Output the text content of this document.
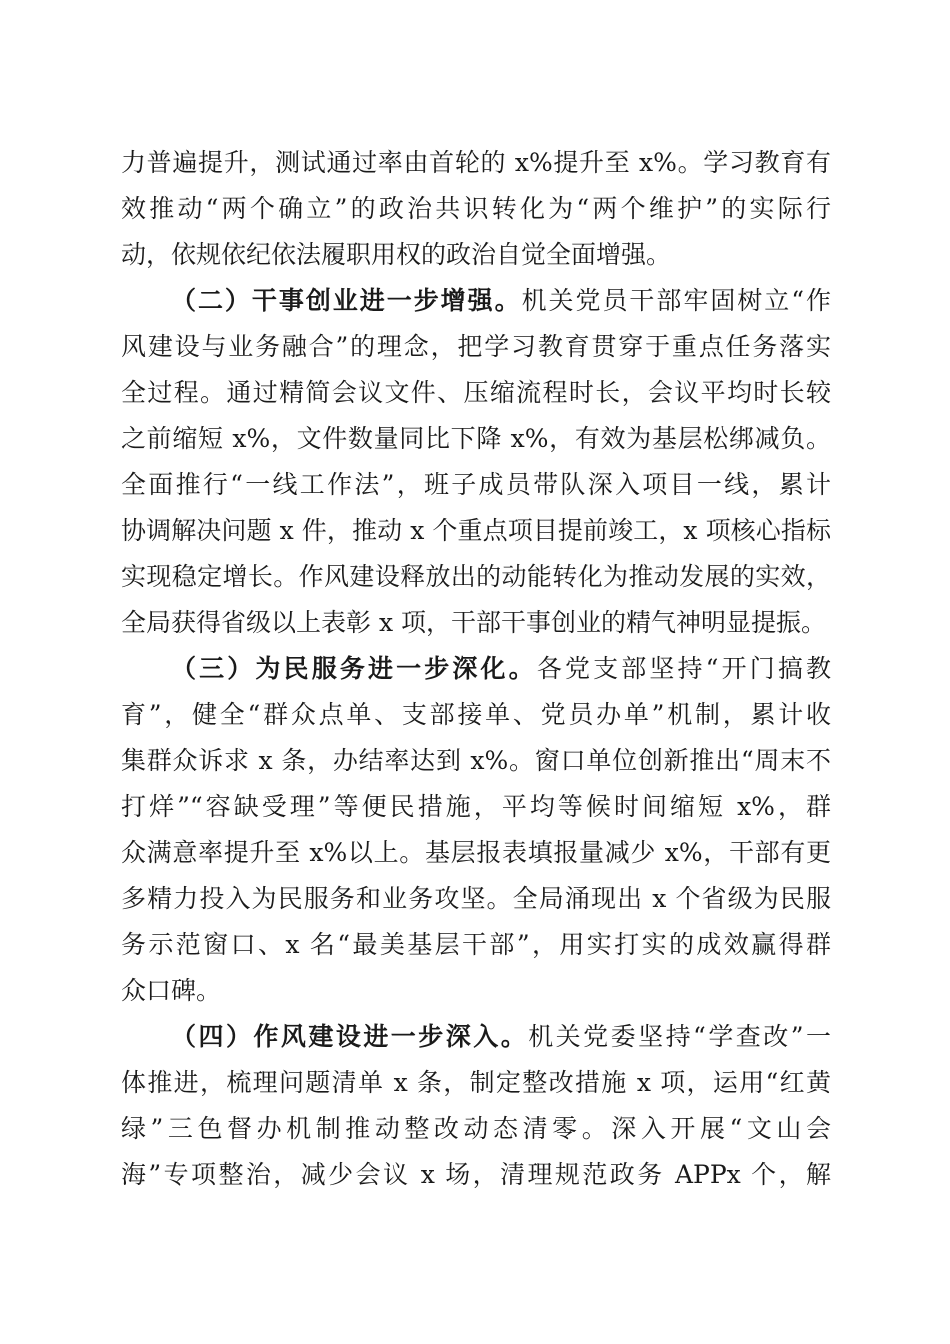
力普遍提升，测试通过率由首轮的 x%提升至 x%。学习教育有
效推动“两个确立”的政治共识转化为“两个维护”的实际行
动，依规依纪依法履职用权的政治自觉全面增强。
（二）干事创业进一步增强。机关党员干部牢固树立“作
风建设与业务融合”的理念，把学习教育贯穿于重点任务落实
全过程。通过精简会议文件、压缩流程时长，会议平均时长较
之前缩短 x%，文件数量同比下降 x%，有效为基层松绑减负。
全面推行“一线工作法”，班子成员带队深入项目一线，累计
协调解决问题 x 件，推动 x 个重点项目提前竣工，x 项核心指标
实现稳定增长。作风建设释放出的动能转化为推动发展的实效，
全局获得省级以上表彰 x 项，干部干事创业的精气神明显提振。
（三）为民服务进一步深化。各党支部坚持“开门搞教
育”，健全“群众点单、支部接单、党员办单”机制，累计收
集群众诉求 x 条，办结率达到 x%。窗口单位创新推出“周末不
打烊”“容缺受理”等便民措施，平均等候时间缩短 x%，群
众满意率提升至 x%以上。基层报表填报量减少 x%，干部有更
多精力投入为民服务和业务攻坚。全局涌现出 x 个省级为民服
务示范窗口、x 名“最美基层干部”，用实打实的成效赢得群
众口碑。
（四）作风建设进一步深入。机关党委坚持“学查改”一
体推进，梳理问题清单 x 条，制定整改措施 x 项，运用“红黄
绿”三色督办机制推动整改动态清零。深入开展“文山会
海”专项整治，减少会议 x 场，清理规范政务 APPx 个，解
